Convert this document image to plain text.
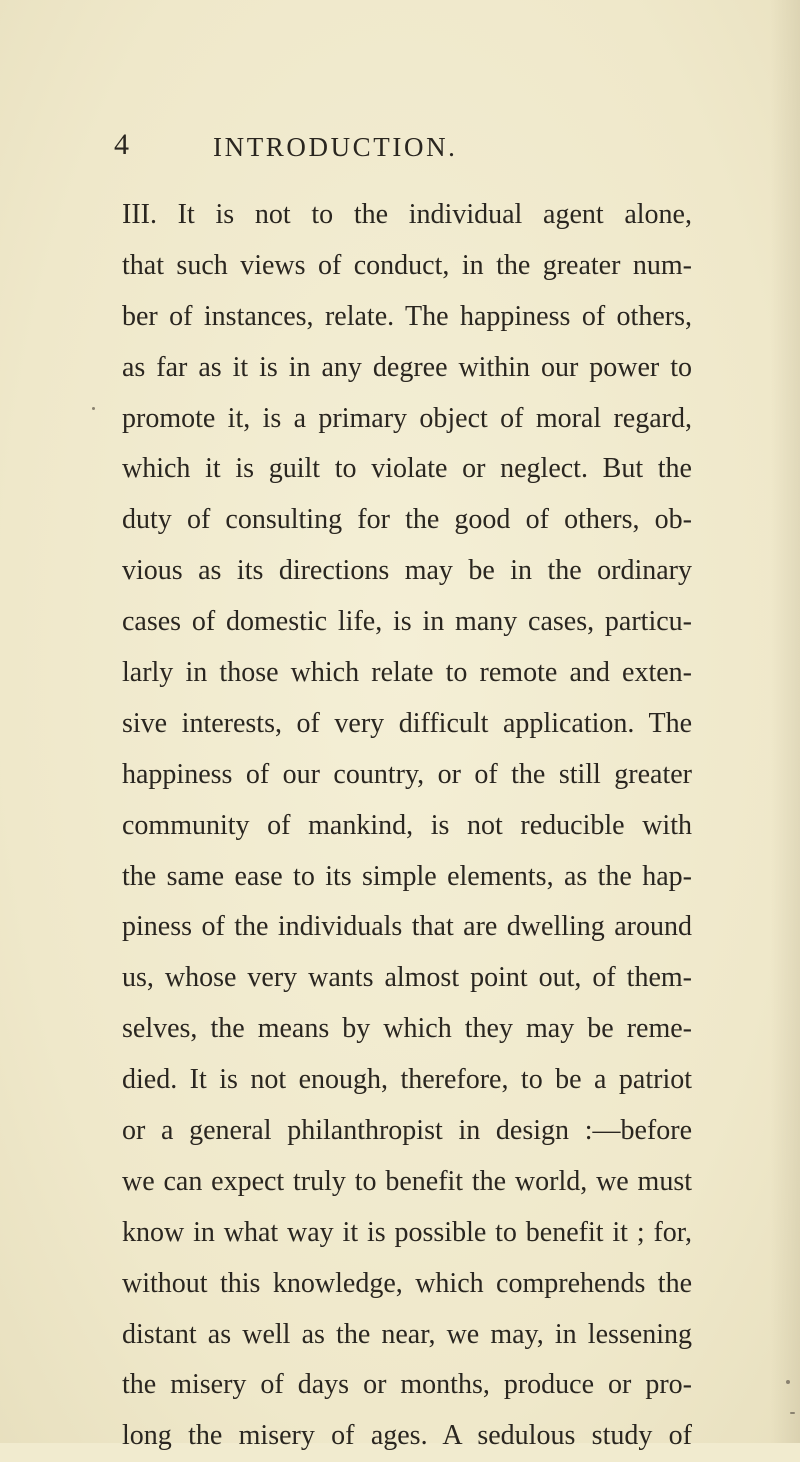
4	INTRODUCTION.
III. It is not to the individual agent alone,
that such views of conduct, in the greater num-
ber of instances, relate. The happiness of others,
as far as it is in any degree within our power to
promote it, is a primary object of moral regard,
which it is guilt to violate or neglect. But the
duty of consulting for the good of others, ob-
vious as its directions may be in the ordinary
cases of domestic life, is in many cases, particu-
larly in those which relate to remote and exten-
sive interests, of very difficult application. The
happiness of our country, or of the still greater
community of mankind, is not reducible with
the same ease to its simple elements, as the hap-
piness of the individuals that are dwelling around
us, whose very wants almost point out, of them-
selves, the means by which they may be reme-
died. It is not enough, therefore, to be a patriot
or a general philanthropist in design :—before
we can expect truly to benefit the world, we must
know in what way it is possible to benefit it ; for,
without this knowledge, which comprehends the
distant as well as the near, we may, in lessening
the misery of days or months, produce or pro-
long the misery of ages. A sedulous study of
